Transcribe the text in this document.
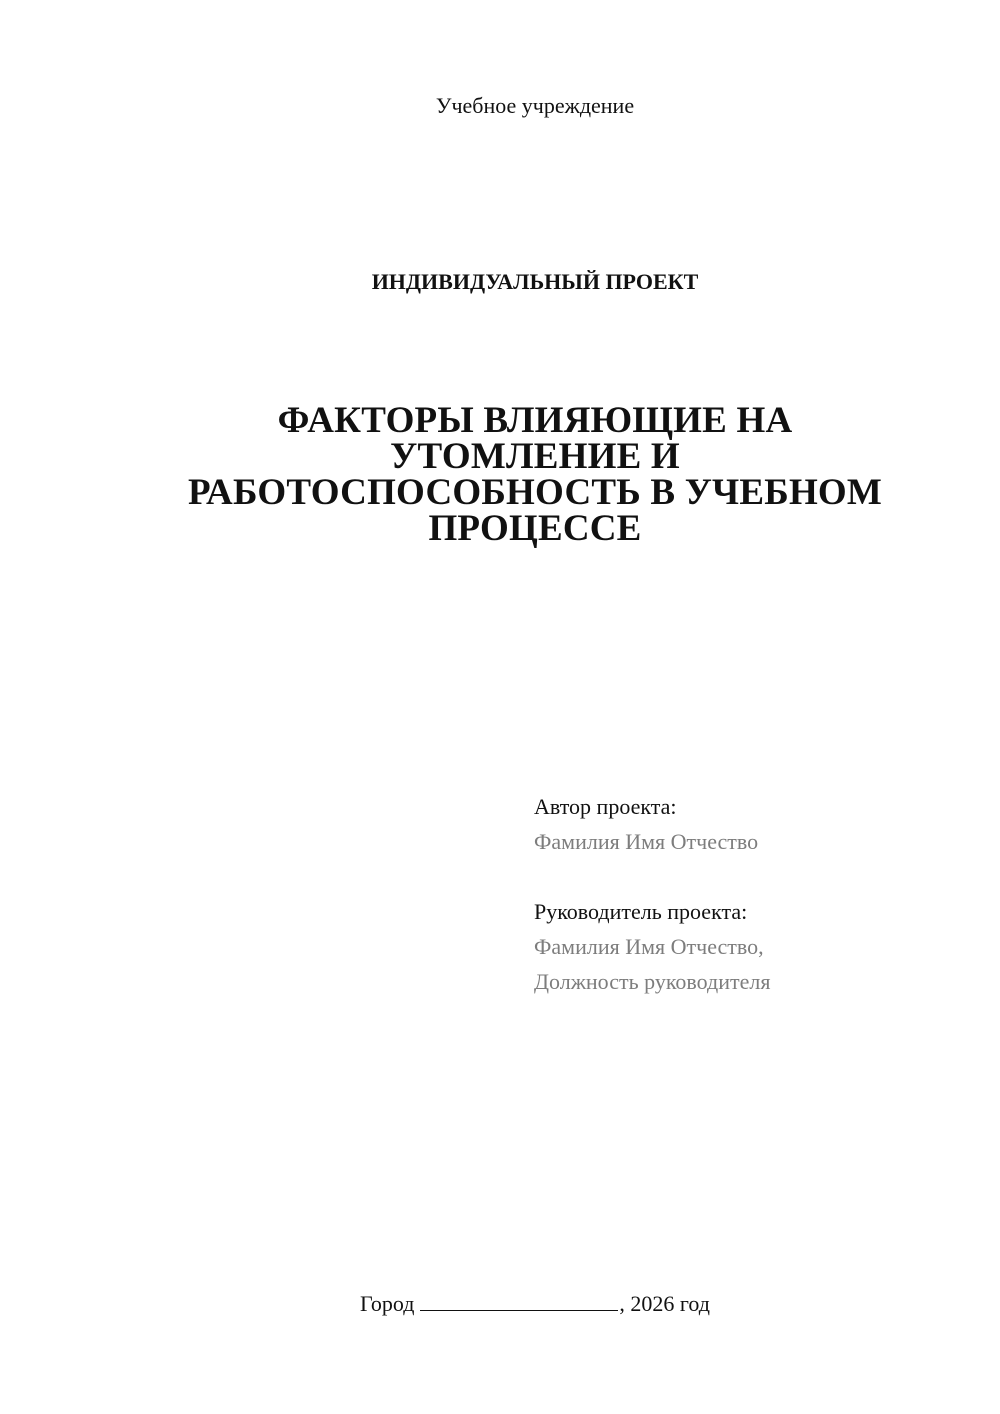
Учебное учреждение
ИНДИВИДУАЛЬНЫЙ ПРОЕКТ
ФАКТОРЫ ВЛИЯЮЩИЕ НА
УТОМЛЕНИЕ И
РАБОТОСПОСОБНОСТЬ В УЧЕБНОМ
ПРОЦЕССЕ
Автор проекта:
Фамилия Имя Отчество
Руководитель проекта:
Фамилия Имя Отчество,
Должность руководителя
Город	, 2026 год
